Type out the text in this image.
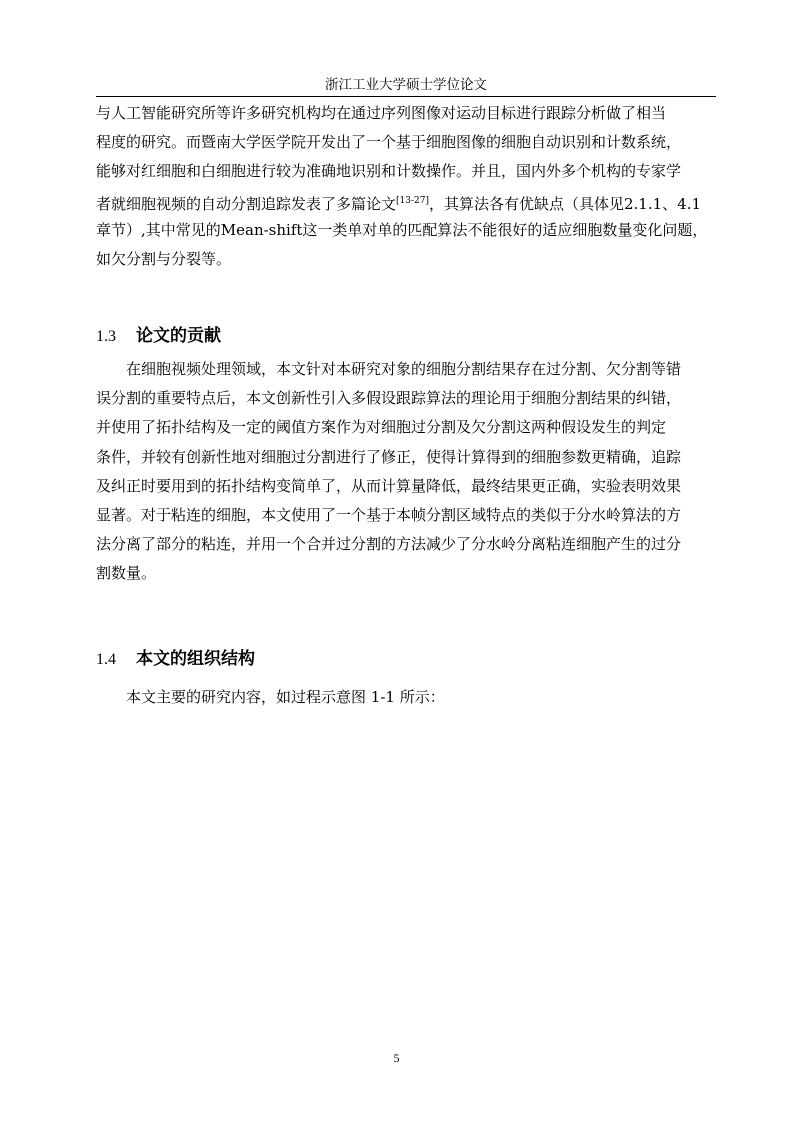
浙江工业大学硕士学位论文
与人工智能研究所等许多研究机构均在通过序列图像对运动目标进行跟踪分析做了相当
程度的研究。而暨南大学医学院开发出了一个基于细胞图像的细胞自动识别和计数系统，
能够对红细胞和白细胞进行较为准确地识别和计数操作。并且，国内外多个机构的专家学
者就细胞视频的自动分割追踪发表了多篇论文[13-27]，其算法各有优缺点（具体见2.1.1、4.1
章节）,其中常见的Mean-shift这一类单对单的匹配算法不能很好的适应细胞数量变化问题，
如欠分割与分裂等。
1.3 论文的贡献
在细胞视频处理领域，本文针对本研究对象的细胞分割结果存在过分割、欠分割等错
误分割的重要特点后，本文创新性引入多假设跟踪算法的理论用于细胞分割结果的纠错，
并使用了拓扑结构及一定的阈值方案作为对细胞过分割及欠分割这两种假设发生的判定
条件，并较有创新性地对细胞过分割进行了修正，使得计算得到的细胞参数更精确，追踪
及纠正时要用到的拓扑结构变简单了，从而计算量降低，最终结果更正确，实验表明效果
显著。对于粘连的细胞，本文使用了一个基于本帧分割区域特点的类似于分水岭算法的方
法分离了部分的粘连，并用一个合并过分割的方法减少了分水岭分离粘连细胞产生的过分
割数量。
1.4 本文的组织结构
本文主要的研究内容，如过程示意图 1-1 所示：
5
